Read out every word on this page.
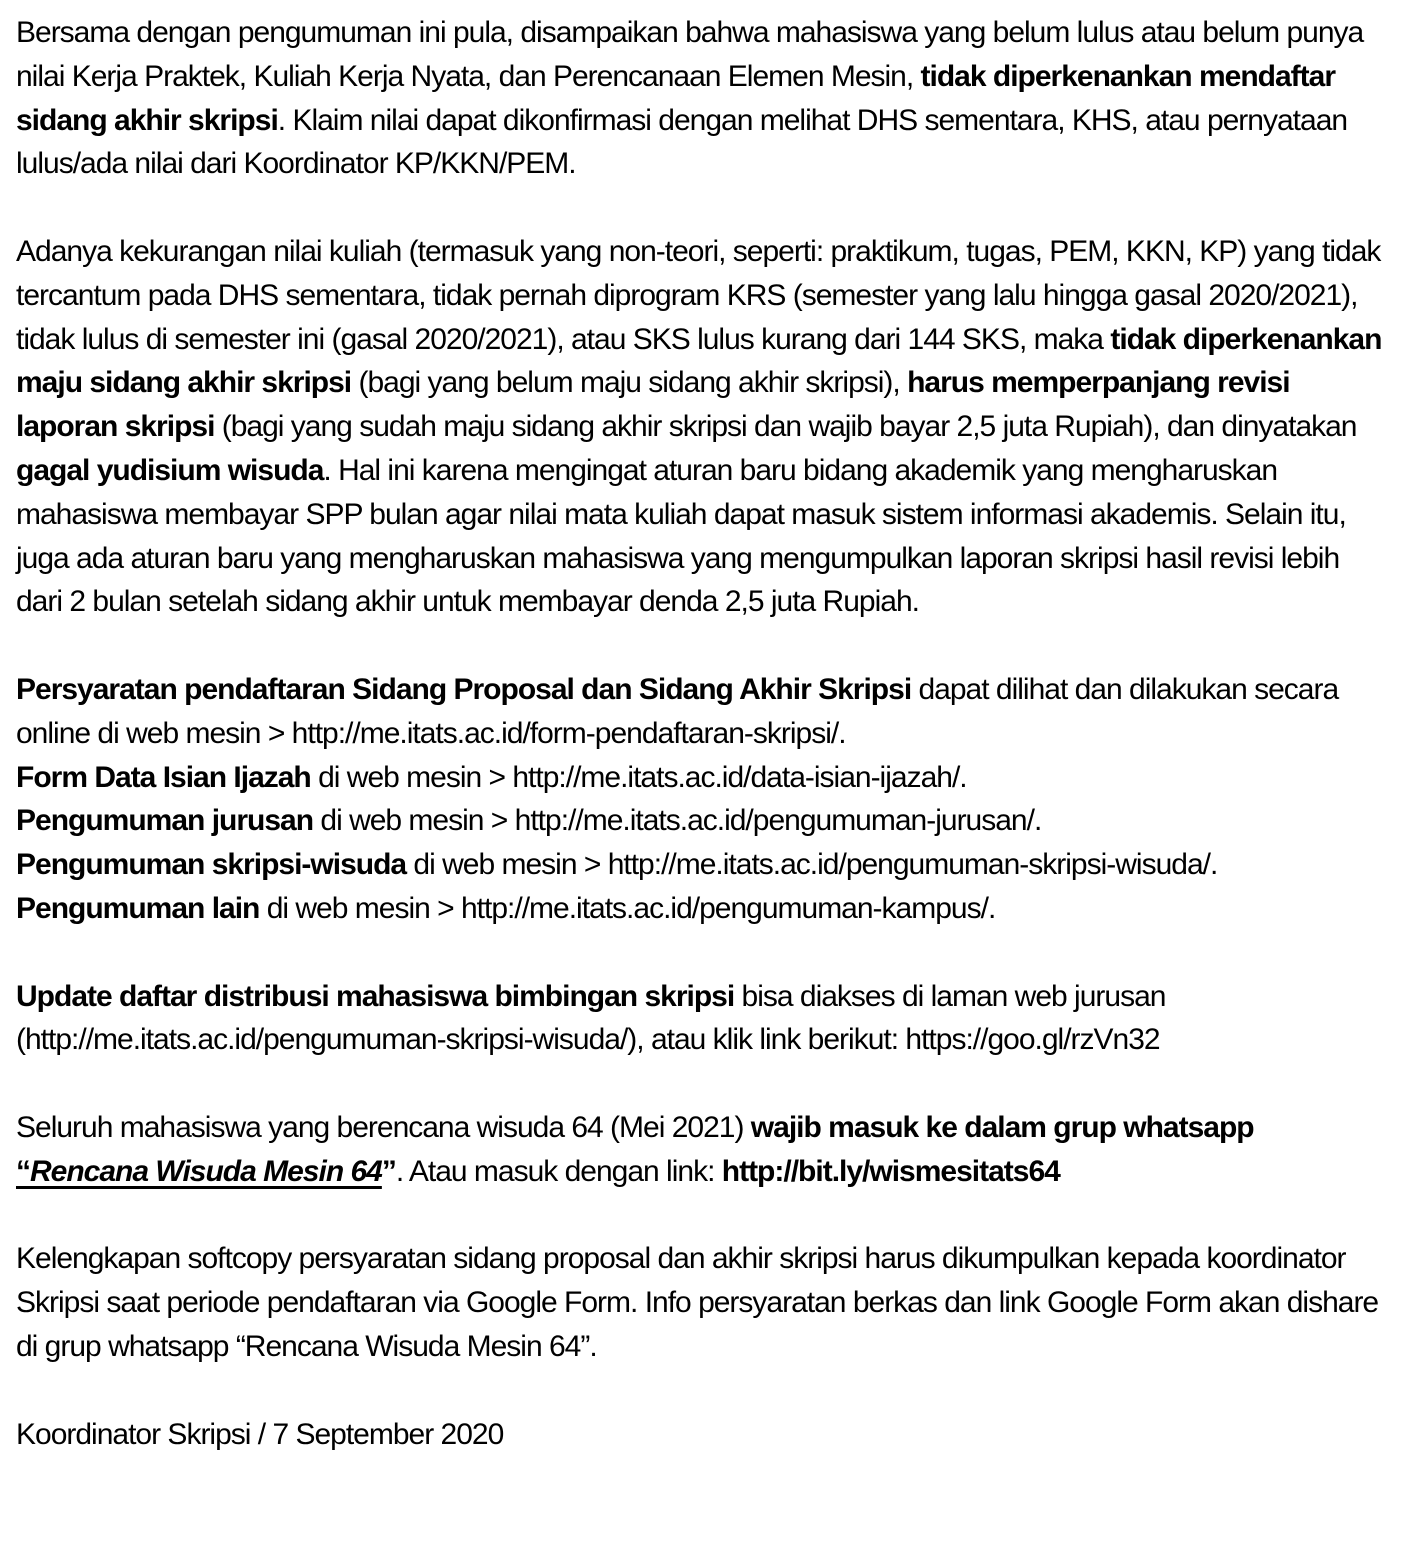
Bersama dengan pengumuman ini pula, disampaikan bahwa mahasiswa yang belum lulus atau belum punya nilai Kerja Praktek, Kuliah Kerja Nyata, dan Perencanaan Elemen Mesin, tidak diperkenankan mendaftar sidang akhir skripsi. Klaim nilai dapat dikonfirmasi dengan melihat DHS sementara, KHS, atau pernyataan lulus/ada nilai dari Koordinator KP/KKN/PEM.

Adanya kekurangan nilai kuliah (termasuk yang non-teori, seperti: praktikum, tugas, PEM, KKN, KP) yang tidak tercantum pada DHS sementara, tidak pernah diprogram KRS (semester yang lalu hingga gasal 2020/2021), tidak lulus di semester ini (gasal 2020/2021), atau SKS lulus kurang dari 144 SKS, maka tidak diperkenankan maju sidang akhir skripsi (bagi yang belum maju sidang akhir skripsi), harus memperpanjang revisi laporan skripsi (bagi yang sudah maju sidang akhir skripsi dan wajib bayar 2,5 juta Rupiah), dan dinyatakan gagal yudisium wisuda. Hal ini karena mengingat aturan baru bidang akademik yang mengharuskan mahasiswa membayar SPP bulan agar nilai mata kuliah dapat masuk sistem informasi akademis. Selain itu, juga ada aturan baru yang mengharuskan mahasiswa yang mengumpulkan laporan skripsi hasil revisi lebih dari 2 bulan setelah sidang akhir untuk membayar denda 2,5 juta Rupiah.

Persyaratan pendaftaran Sidang Proposal dan Sidang Akhir Skripsi dapat dilihat dan dilakukan secara online di web mesin > http://me.itats.ac.id/form-pendaftaran-skripsi/.

Form Data Isian Ijazah di web mesin > http://me.itats.ac.id/data-isian-ijazah/.

Pengumuman jurusan di web mesin > http://me.itats.ac.id/pengumuman-jurusan/.

Pengumuman skripsi-wisuda di web mesin > http://me.itats.ac.id/pengumuman-skripsi-wisuda/.

Pengumuman lain di web mesin > http://me.itats.ac.id/pengumuman-kampus/.

Update daftar distribusi mahasiswa bimbingan skripsi bisa diakses di laman web jurusan (http://me.itats.ac.id/pengumuman-skripsi-wisuda/), atau klik link berikut: https://goo.gl/rzVn32

Seluruh mahasiswa yang berencana wisuda 64 (Mei 2021) wajib masuk ke dalam grup whatsapp “Rencana Wisuda Mesin 64”. Atau masuk dengan link: http://bit.ly/wismesitats64

Kelengkapan softcopy persyaratan sidang proposal dan akhir skripsi harus dikumpulkan kepada koordinator Skripsi saat periode pendaftaran via Google Form. Info persyaratan berkas dan link Google Form akan dishare di grup whatsapp “Rencana Wisuda Mesin 64”.

Koordinator Skripsi / 7 September 2020
